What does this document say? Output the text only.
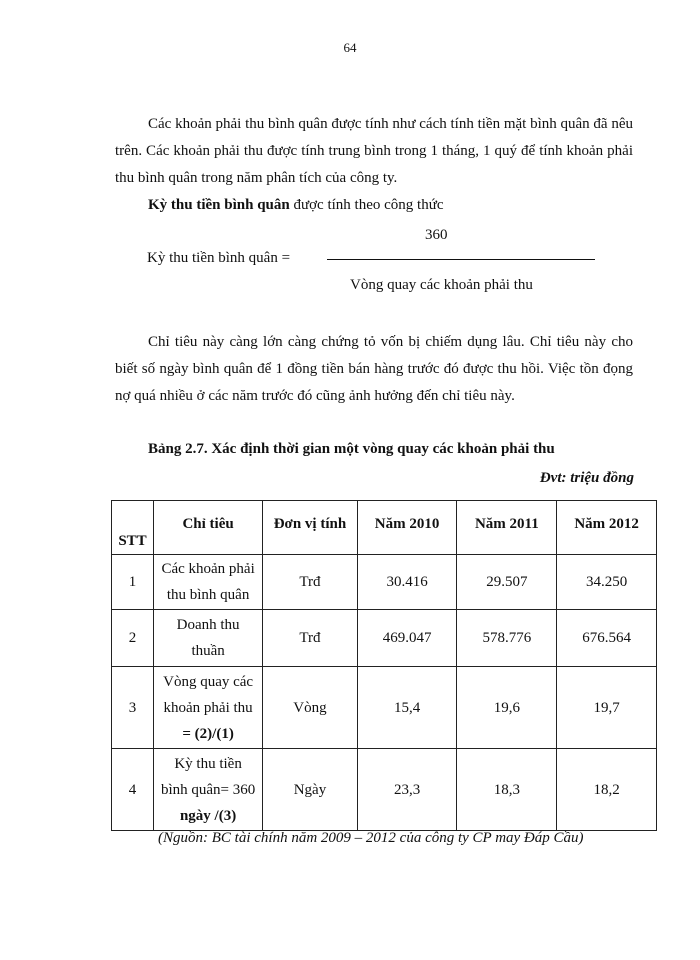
64

Các khoản phải thu bình quân được tính như cách tính tiền mặt bình quân đã nêu trên. Các khoản phải thu được tính trung bình trong 1 tháng, 1 quý để tính khoản phải thu bình quân trong năm phân tích của công ty.

Kỳ thu tiền bình quân được tính theo công thức

360
Kỳ thu tiền bình quân =
Vòng quay các khoản phải thu

Chỉ tiêu này càng lớn càng chứng tỏ vốn bị chiếm dụng lâu. Chỉ tiêu này cho biết số ngày bình quân để 1 đồng tiền bán hàng trước đó được thu hồi. Việc tồn đọng nợ quá nhiều ở các năm trước đó cũng ảnh hưởng đến chỉ tiêu này.

Bảng 2.7. Xác định thời gian một vòng quay các khoản phải thu
Đvt: triệu đồng
STT	Chỉ tiêu	Đơn vị tính	Năm 2010	Năm 2011	Năm 2012
1	Các khoản phải
thu bình quân	Trđ	30.416	29.507	34.250
2	Doanh thu
thuần	Trđ	469.047	578.776	676.564
3	Vòng quay các
khoản phải thu
= (2)/(1)	Vòng	15,4	19,6	19,7
4	Kỳ thu tiền
bình quân= 360
ngày /(3)	Ngày	23,3	18,3	18,2
(Nguồn: BC tài chính năm 2009 – 2012 của công ty CP may Đáp Cầu)
